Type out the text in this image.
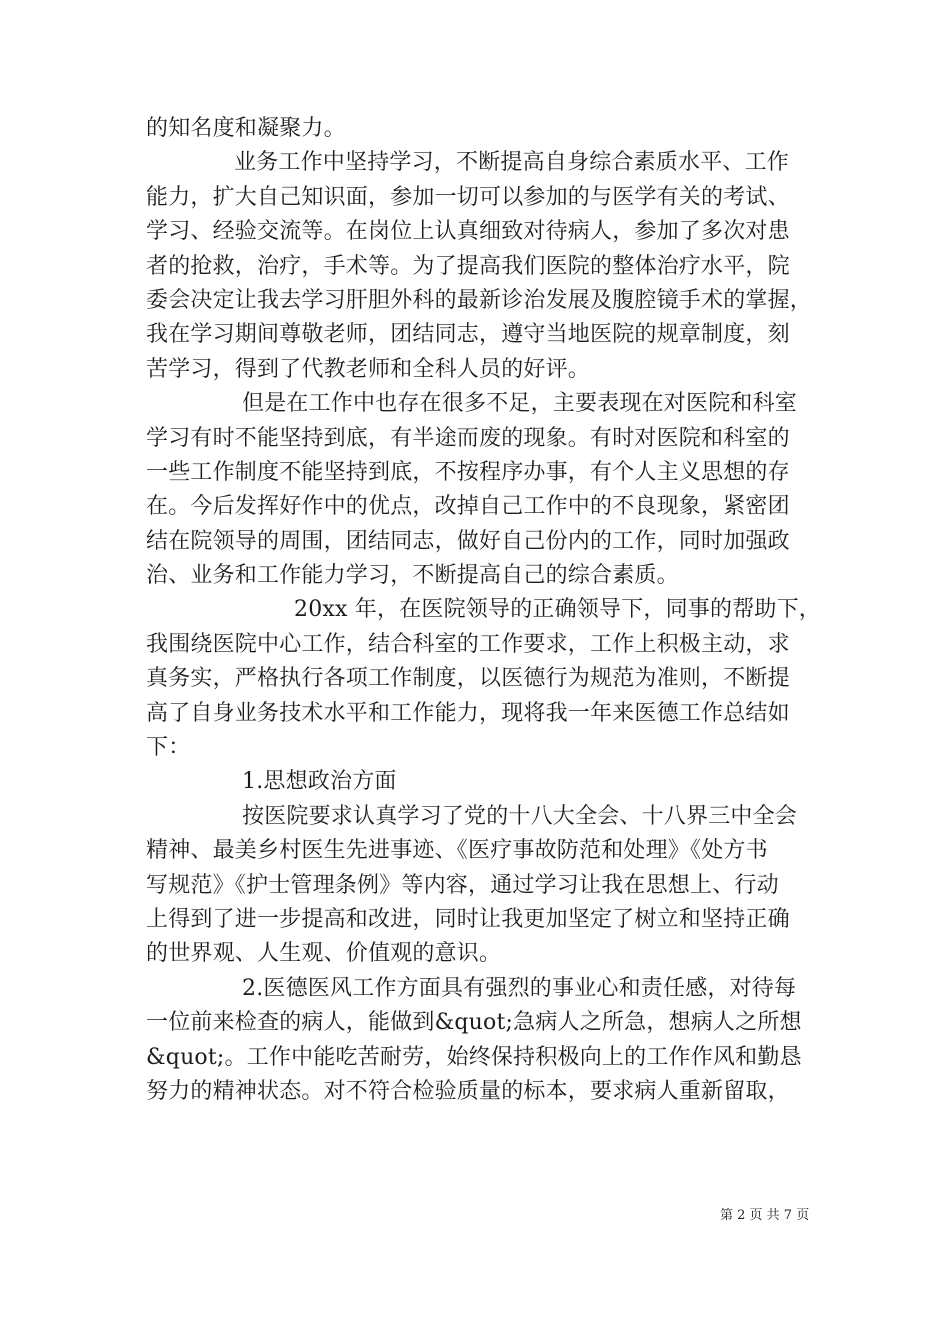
的知名度和凝聚力。
业务工作中坚持学习，不断提高自身综合素质水平、工作
能力，扩大自己知识面，参加一切可以参加的与医学有关的考试、
学习、经验交流等。在岗位上认真细致对待病人，参加了多次对患
者的抢救，治疗，手术等。为了提高我们医院的整体治疗水平，院
委会决定让我去学习肝胆外科的最新诊治发展及腹腔镜手术的掌握，
我在学习期间尊敬老师，团结同志，遵守当地医院的规章制度，刻
苦学习，得到了代教老师和全科人员的好评。
但是在工作中也存在很多不足，主要表现在对医院和科室
学习有时不能坚持到底，有半途而废的现象。有时对医院和科室的
一些工作制度不能坚持到底，不按程序办事，有个人主义思想的存
在。今后发挥好作中的优点，改掉自己工作中的不良现象，紧密团
结在院领导的周围，团结同志，做好自己份内的工作，同时加强政
治、业务和工作能力学习，不断提高自己的综合素质。
20xx 年，在医院领导的正确领导下，同事的帮助下，
我围绕医院中心工作，结合科室的工作要求，工作上积极主动，求
真务实，严格执行各项工作制度，以医德行为规范为准则，不断提
高了自身业务技术水平和工作能力，现将我一年来医德工作总结如
下：
1.思想政治方面
按医院要求认真学习了党的十八大全会、十八界三中全会
精神、最美乡村医生先进事迹、《医疗事故防范和处理》《处方书
写规范》《护士管理条例》等内容，通过学习让我在思想上、行动
上得到了进一步提高和改进，同时让我更加坚定了树立和坚持正确
的世界观、人生观、价值观的意识。
2.医德医风工作方面具有强烈的事业心和责任感，对待每
一位前来检查的病人，能做到&quot;急病人之所急，想病人之所想
&quot;。工作中能吃苦耐劳，始终保持积极向上的工作作风和勤恳
努力的精神状态。对不符合检验质量的标本，要求病人重新留取，
第 2 页 共 7 页
